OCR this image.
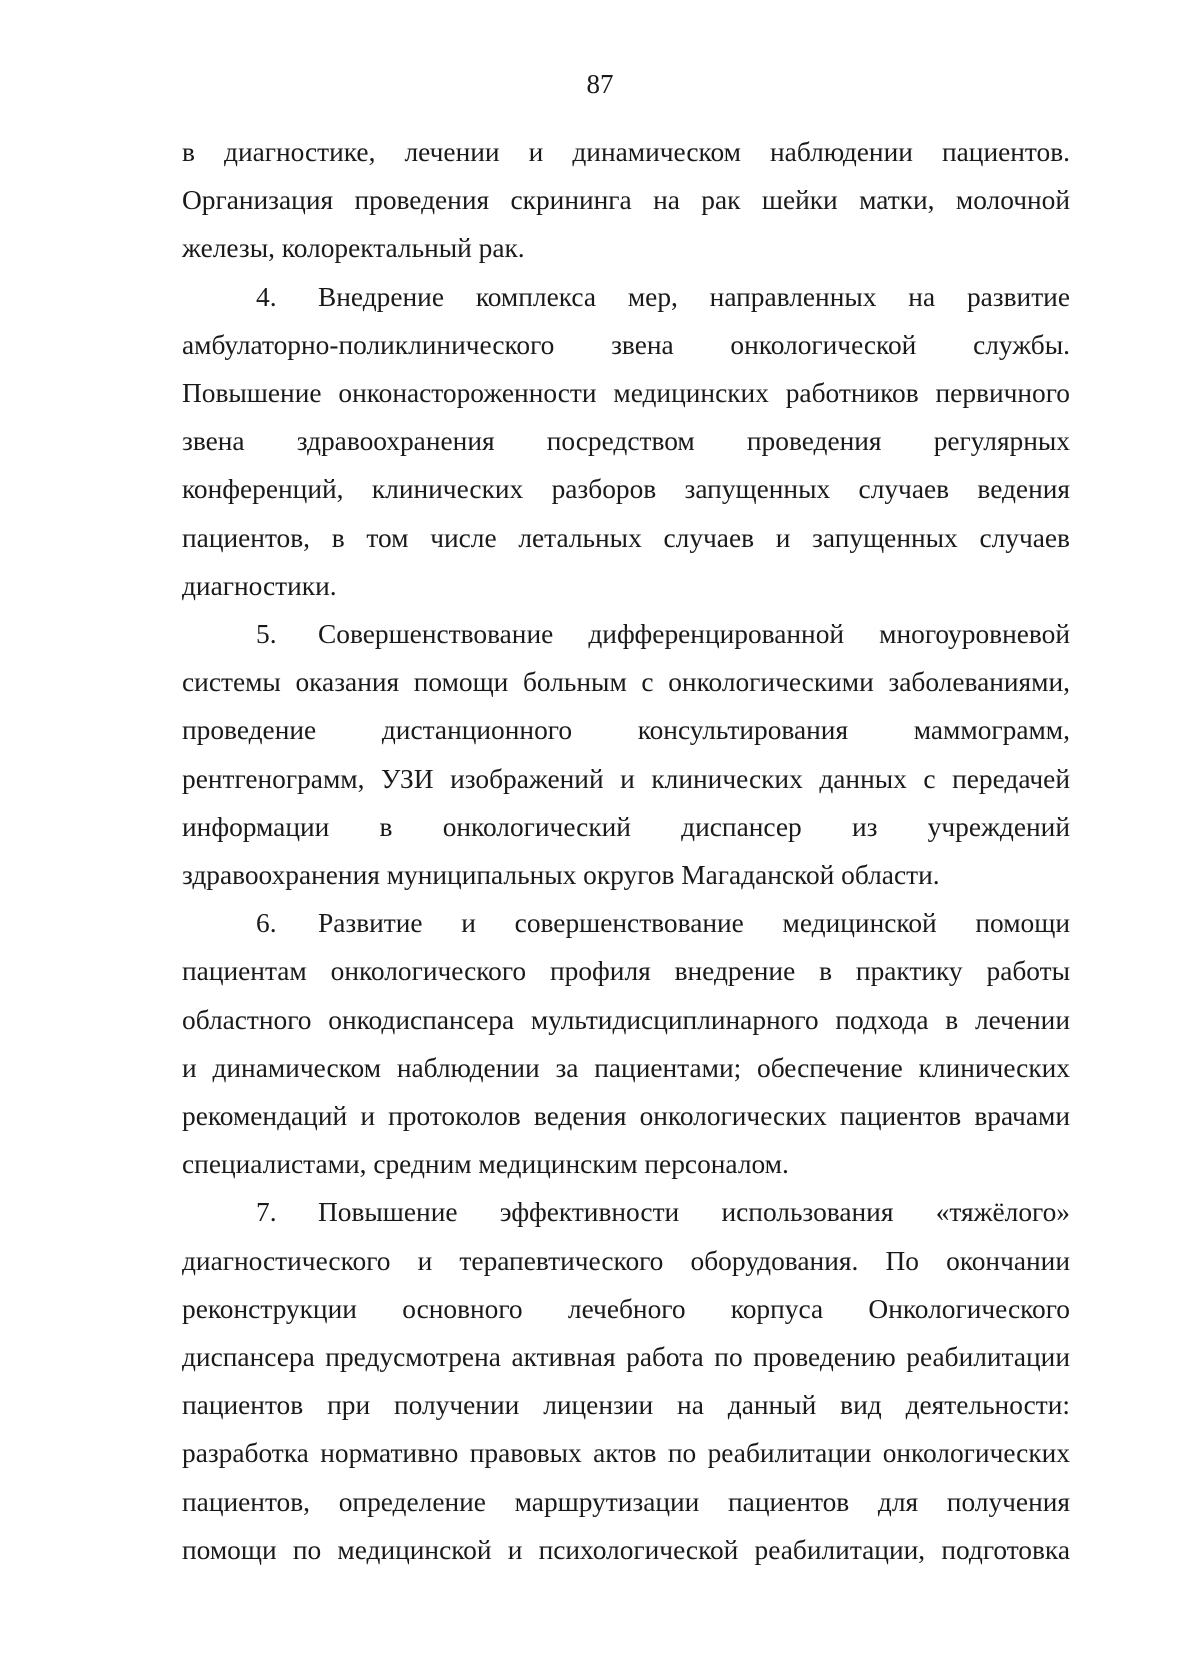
87
в диагностике, лечении и динамическом наблюдении пациентов.
Организация проведения скрининга на рак шейки матки, молочной
железы, колоректальный рак.
4. Внедрение комплекса мер, направленных на развитие
амбулаторно-поликлинического звена онкологической службы.
Повышение онконастороженности медицинских работников первичного
звена здравоохранения посредством проведения регулярных
конференций, клинических разборов запущенных случаев ведения
пациентов, в том числе летальных случаев и запущенных случаев
диагностики.
5. Совершенствование дифференцированной многоуровневой
системы оказания помощи больным с онкологическими заболеваниями,
проведение дистанционного консультирования маммограмм,
рентгенограмм, УЗИ изображений и клинических данных с передачей
информации в онкологический диспансер из учреждений
здравоохранения муниципальных округов Магаданской области.
6. Развитие и совершенствование медицинской помощи
пациентам онкологического профиля внедрение в практику работы
областного онкодиспансера мультидисциплинарного подхода в лечении
и динамическом наблюдении за пациентами; обеспечение клинических
рекомендаций и протоколов ведения онкологических пациентов врачами
специалистами, средним медицинским персоналом.
7. Повышение эффективности использования «тяжёлого»
диагностического и терапевтического оборудования. По окончании
реконструкции основного лечебного корпуса Онкологического
диспансера предусмотрена активная работа по проведению реабилитации
пациентов при получении лицензии на данный вид деятельности:
разработка нормативно правовых актов по реабилитации онкологических
пациентов, определение маршрутизации пациентов для получения
помощи по медицинской и психологической реабилитации, подготовка
